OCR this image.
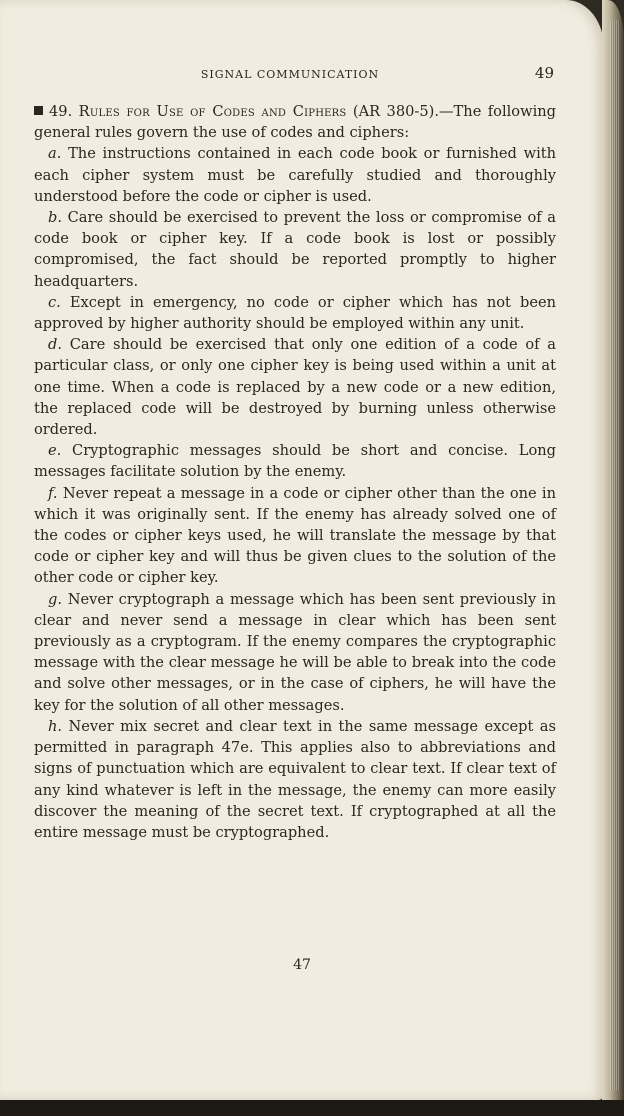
SIGNAL COMMUNICATION	49

49. Rules for Use of Codes and Ciphers (AR 380-5).—The following general rules govern the use of codes and ciphers:

a. The instructions contained in each code book or furnished with each cipher system must be carefully studied and thoroughly understood before the code or cipher is used.

b. Care should be exercised to prevent the loss or compromise of a code book or cipher key. If a code book is lost or possibly compromised, the fact should be reported promptly to higher headquarters.

c. Except in emergency, no code or cipher which has not been approved by higher authority should be employed within any unit.

d. Care should be exercised that only one edition of a code of a particular class, or only one cipher key is being used within a unit at one time. When a code is replaced by a new code or a new edition, the replaced code will be destroyed by burning unless otherwise ordered.

e. Cryptographic messages should be short and concise. Long messages facilitate solution by the enemy.

f. Never repeat a message in a code or cipher other than the one in which it was originally sent. If the enemy has already solved one of the codes or cipher keys used, he will translate the message by that code or cipher key and will thus be given clues to the solution of the other code or cipher key.

g. Never cryptograph a message which has been sent previously in clear and never send a message in clear which has been sent previously as a cryptogram. If the enemy compares the cryptographic message with the clear message he will be able to break into the code and solve other messages, or in the case of ciphers, he will have the key for the solution of all other messages.

h. Never mix secret and clear text in the same message except as permitted in paragraph 47e. This applies also to abbreviations and signs of punctuation which are equivalent to clear text. If clear text of any kind whatever is left in the message, the enemy can more easily discover the meaning of the secret text. If cryptographed at all the entire message must be cryptographed.

47
